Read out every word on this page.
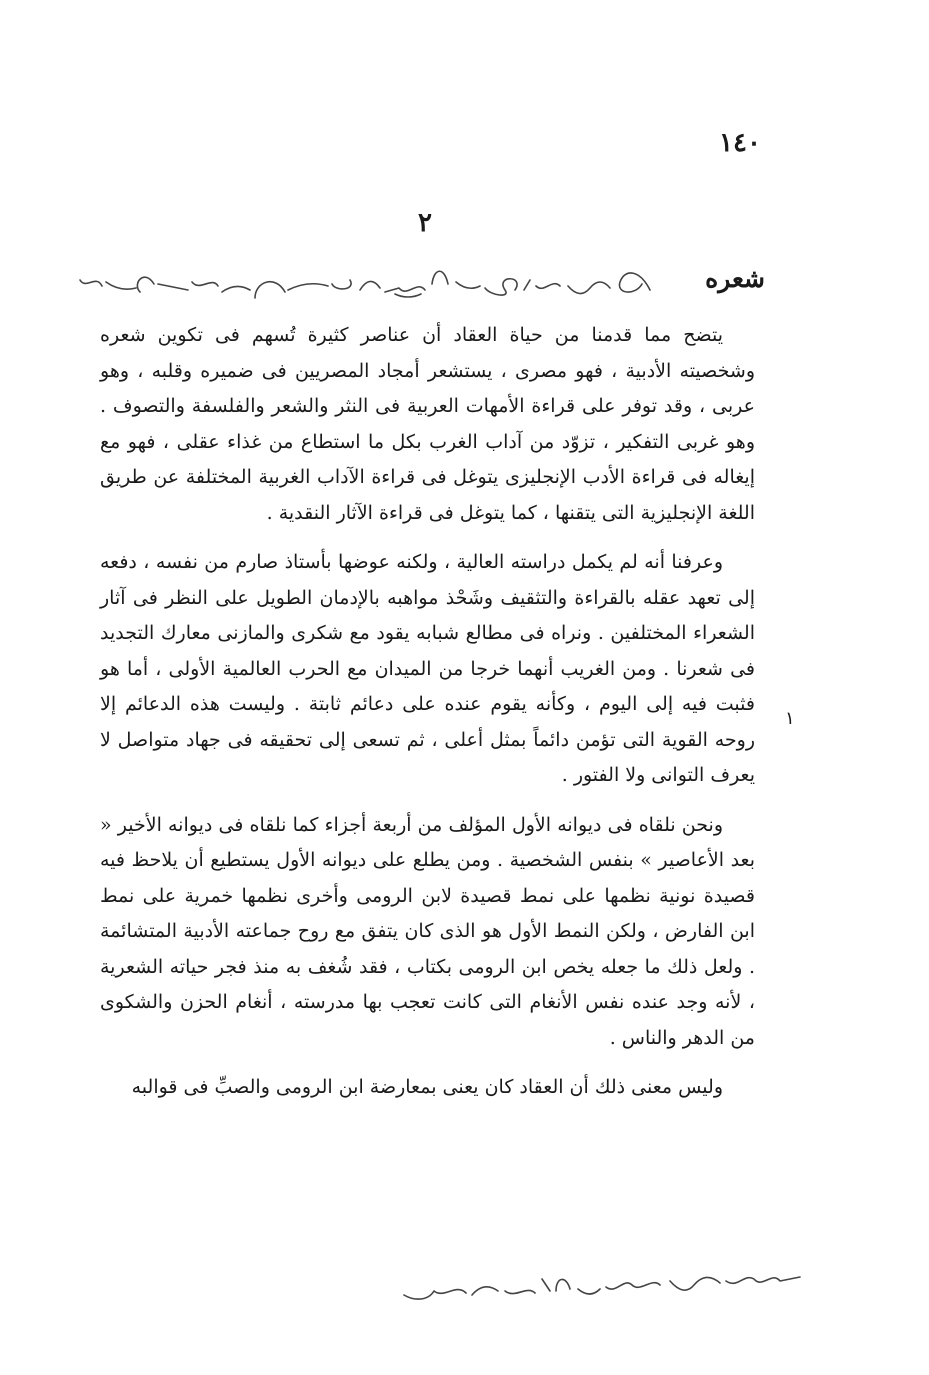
١٤٠
٢
شعره

يتضح مما قدمنا من حياة العقاد أن عناصر كثيرة تُسهم فى تكوين شعره وشخصيته الأدبية ، فهو مصرى ، يستشعر أمجاد المصريين فى ضميره وقلبه ، وهو عربى ، وقد توفر على قراءة الأمهات العربية فى النثر والشعر والفلسفة والتصوف . وهو غربى التفكير ، تزوّد من آداب الغرب بكل ما استطاع من غذاء عقلى ، فهو مع إيغاله فى قراءة الأدب الإنجليزى يتوغل فى قراءة الآداب الغربية المختلفة عن طريق اللغة الإنجليزية التى يتقنها ، كما يتوغل فى قراءة الآثار النقدية .

وعرفنا أنه لم يكمل دراسته العالية ، ولكنه عوضها بأستاذ صارم من نفسه ، دفعه إلى تعهد عقله بالقراءة والتثقيف وشَحْذ مواهبه بالإدمان الطويل على النظر فى آثار الشعراء المختلفين . ونراه فى مطالع شبابه يقود مع شكرى والمازنى معارك التجديد فى شعرنا . ومن الغريب أنهما خرجا من الميدان مع الحرب العالمية الأولى ، أما هو فثبت فيه إلى اليوم ، وكأنه يقوم عنده على دعائم ثابتة . وليست هذه الدعائم إلا روحه القوية التى تؤمن دائماً بمثل أعلى ، ثم تسعى إلى تحقيقه فى جهاد متواصل لا يعرف التوانى ولا الفتور .

ونحن نلقاه فى ديوانه الأول المؤلف من أربعة أجزاء كما نلقاه فى ديوانه الأخير « بعد الأعاصير » بنفس الشخصية . ومن يطلع على ديوانه الأول يستطيع أن يلاحظ فيه قصيدة نونية نظمها على نمط قصيدة لابن الرومى وأخرى نظمها خمرية على نمط ابن الفارض ، ولكن النمط الأول هو الذى كان يتفق مع روح جماعته الأدبية المتشائمة . ولعل ذلك ما جعله يخص ابن الرومى بكتاب ، فقد شُغف به منذ فجر حياته الشعرية ، لأنه وجد عنده نفس الأنغام التى كانت تعجب بها مدرسته ، أنغام الحزن والشكوى من الدهر والناس .

وليس معنى ذلك أن العقاد كان يعنى بمعارضة ابن الرومى والصبِّ فى قوالبه

١
